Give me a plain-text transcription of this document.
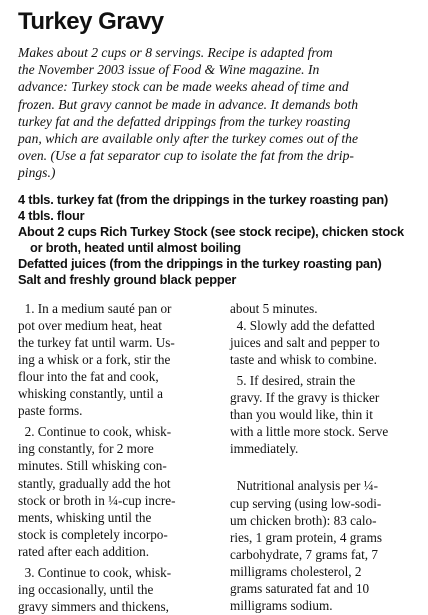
Turkey Gravy
Makes about 2 cups or 8 servings. Recipe is adapted from
the November 2003 issue of Food & Wine magazine. In
advance: Turkey stock can be made weeks ahead of time and
frozen. But gravy cannot be made in advance. It demands both
turkey fat and the defatted drippings from the turkey roasting
pan, which are available only after the turkey comes out of the
oven. (Use a fat separator cup to isolate the fat from the drip-
pings.)
4 tbls. turkey fat (from the drippings in the turkey roasting pan)
4 tbls. flour
About 2 cups Rich Turkey Stock (see stock recipe), chicken stock
or broth, heated until almost boiling
Defatted juices (from the drippings in the turkey roasting pan)
Salt and freshly ground black pepper
1. In a medium sauté pan or
pot over medium heat, heat
the turkey fat until warm. Us-
ing a whisk or a fork, stir the
flour into the fat and cook,
whisking constantly, until a
paste forms.
2. Continue to cook, whisk-
ing constantly, for 2 more
minutes. Still whisking con-
stantly, gradually add the hot
stock or broth in ¼-cup incre-
ments, whisking until the
stock is completely incorpo-
rated after each addition.
3. Continue to cook, whisk-
ing occasionally, until the
gravy simmers and thickens,
about 5 minutes.
4. Slowly add the defatted
juices and salt and pepper to
taste and whisk to combine.
5. If desired, strain the
gravy. If the gravy is thicker
than you would like, thin it
with a little more stock. Serve
immediately.
Nutritional analysis per ¼-
cup serving (using low-sodi-
um chicken broth): 83 calo-
ries, 1 gram protein, 4 grams
carbohydrate, 7 grams fat, 7
milligrams cholesterol, 2
grams saturated fat and 10
milligrams sodium.
